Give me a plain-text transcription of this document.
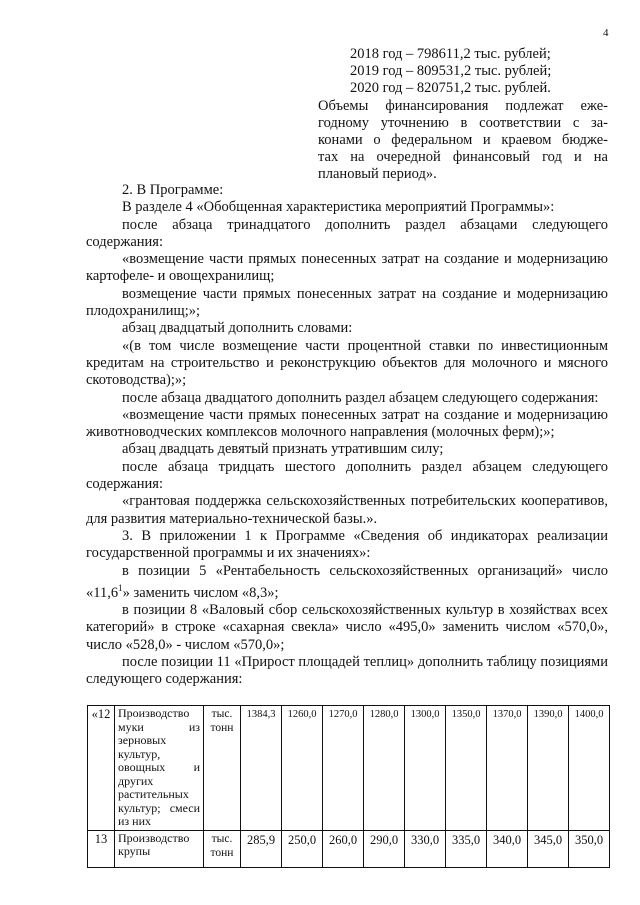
4
2018 год – 798611,2 тыс. рублей;
2019 год – 809531,2 тыс. рублей;
2020 год – 820751,2 тыс. рублей.
Объемы финансирования подлежат еже-
годному уточнению в соответствии с за-
конами о федеральном и краевом бюдже-
тах на очередной финансовый год и на
плановый период».

2. В Программе:

В разделе 4 «Обобщенная характеристика мероприятий Программы»:

после абзаца тринадцатого дополнить раздел абзацами следующего содержания:

«возмещение части прямых понесенных затрат на создание и модернизацию картофеле- и овощехранилищ;

возмещение части прямых понесенных затрат на создание и модернизацию плодохранилищ;»;

абзац двадцатый дополнить словами:

«(в том числе возмещение части процентной ставки по инвестиционным кредитам на строительство и реконструкцию объектов для молочного и мясного скотоводства);»;

после абзаца двадцатого дополнить раздел абзацем следующего содержания:

«возмещение части прямых понесенных затрат на создание и модернизацию животноводческих комплексов молочного направления (молочных ферм);»;

абзац двадцать девятый признать утратившим силу;

после абзаца тридцать шестого дополнить раздел абзацем следующего содержания:

«грантовая поддержка сельскохозяйственных потребительских кооперативов, для развития материально-технической базы.».

3. В приложении 1 к Программе «Сведения об индикаторах реализации государственной программы и их значениях»:

в позиции 5 «Рентабельность сельскохозяйственных организаций» число «11,6$^1$» заменить числом «8,3»;

в позиции 8 «Валовый сбор сельскохозяйственных культур в хозяйствах всех категорий» в строке «сахарная свекла» число «495,0» заменить числом «570,0», число «528,0» - числом «570,0»;

после позиции 11 «Прирост площадей теплиц» дополнить таблицу позициями следующего содержания:

«12	Производство муки из зерновых культур, овощных и других растительных культур; смеси из них	тыс. тонн	1384,3	1260,0	1270,0	1280,0	1300,0	1350,0	1370,0	1390,0	1400,0
13	Производство крупы	тыс. тонн	285,9	250,0	260,0	290,0	330,0	335,0	340,0	345,0	350,0
